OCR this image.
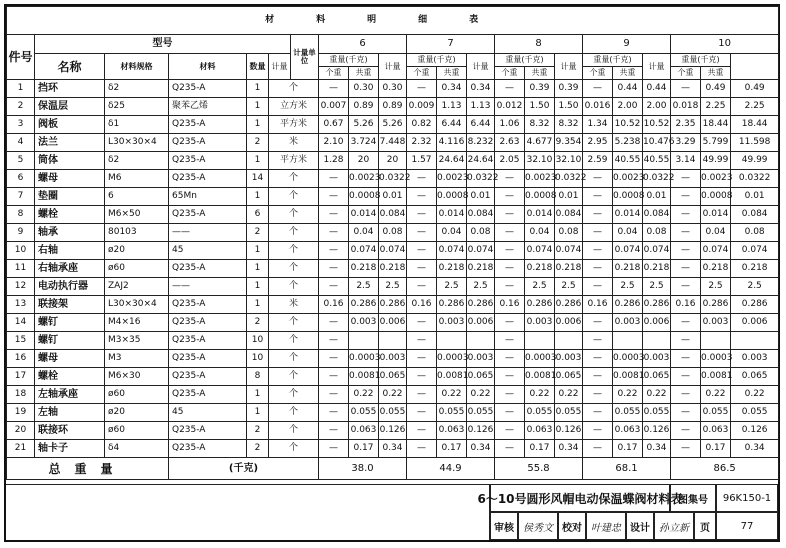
材料明细表																						
件号	型号					计量单位	6			7			8			9			10	
	名称	材料规格	材料	数量	计量		重量(千克)		计量	重量(千克)		计量	重量(千克)		计量	重量(千克)		计量	重量(千克)			
							个重	共重		个重	共重		个重	共重		个重	共重		个重	共重		
1	挡环	δ2	Q235-A	1	个		—	0.30	0.30	—	0.34	0.34	—	0.39	0.39	—	0.44	0.44	—	0.49	0.49	
2	保温层	δ25	聚苯乙烯	1	立方米		0.007	0.89	0.89	0.009	1.13	1.13	0.012	1.50	1.50	0.016	2.00	2.00	0.018	2.25	2.25	
3	阀板	δ1	Q235-A	1	平方米		0.67	5.26	5.26	0.82	6.44	6.44	1.06	8.32	8.32	1.34	10.52	10.52	2.35	18.44	18.44	
4	法兰	L30×30×4	Q235-A	2	米		2.10	3.724	7.448	2.32	4.116	8.232	2.63	4.677	9.354	2.95	5.238	10.476	3.29	5.799	11.598	
5	筒体	δ2	Q235-A	1	平方米		1.28	20	20	1.57	24.64	24.64	2.05	32.10	32.10	2.59	40.55	40.55	3.14	49.99	49.99	
6	螺母	M6	Q235-A	14	个		—	0.0023	0.0322	—	0.0023	0.0322	—	0.0023	0.0322	—	0.0023	0.0322	—	0.0023	0.0322	
7	垫圈	6	65Mn	1	个		—	0.0008	0.01	—	0.0008	0.01	—	0.0008	0.01	—	0.0008	0.01	—	0.0008	0.01	
8	螺栓	M6×50	Q235-A	6	个		—	0.014	0.084	—	0.014	0.084	—	0.014	0.084	—	0.014	0.084	—	0.014	0.084	
9	轴承	80103	——	2	个		—	0.04	0.08	—	0.04	0.08	—	0.04	0.08	—	0.04	0.08	—	0.04	0.08	
10	右轴	ø20	45	1	个		—	0.074	0.074	—	0.074	0.074	—	0.074	0.074	—	0.074	0.074	—	0.074	0.074	
11	右轴承座	ø60	Q235-A	1	个		—	0.218	0.218	—	0.218	0.218	—	0.218	0.218	—	0.218	0.218	—	0.218	0.218	
12	电动执行器	ZAJ2	——	1	个		—	2.5	2.5	—	2.5	2.5	—	2.5	2.5	—	2.5	2.5	—	2.5	2.5	
13	联接架	L30×30×4	Q235-A	1	米		0.16	0.286	0.286	0.16	0.286	0.286	0.16	0.286	0.286	0.16	0.286	0.286	0.16	0.286	0.286	
14	螺钉	M4×16	Q235-A	2	个		—	0.003	0.006	—	0.003	0.006	—	0.003	0.006	—	0.003	0.006	—	0.003	0.006	
15	螺钉	M3×35	Q235-A	10	个		—			—			—			—			—			
16	螺母	M3	Q235-A	10	个		—	0.0003	0.003	—	0.0003	0.003	—	0.0003	0.003	—	0.0003	0.003	—	0.0003	0.003	
17	螺栓	M6×30	Q235-A	8	个		—	0.0081	0.065	—	0.0081	0.065	—	0.0081	0.065	—	0.0081	0.065	—	0.0081	0.065	
18	左轴承座	ø60	Q235-A	1	个		—	0.22	0.22	—	0.22	0.22	—	0.22	0.22	—	0.22	0.22	—	0.22	0.22	
19	左轴	ø20	45	1	个		—	0.055	0.055	—	0.055	0.055	—	0.055	0.055	—	0.055	0.055	—	0.055	0.055	
20	联接环	ø60	Q235-A	2	个		—	0.063	0.126	—	0.063	0.126	—	0.063	0.126	—	0.063	0.126	—	0.063	0.126	
21	轴卡子	δ4	Q235-A	2	个		—	0.17	0.34	—	0.17	0.34	—	0.17	0.34	—	0.17	0.34	—	0.17	0.34	
总重量			(千克)				38.0			44.9			55.8			68.1			86.5			
6～10号圆形风帽电动保温蝶阀材料表
图集号	96K150-1
审核 侯秀文 校对 叶建忠 设计 孙立新	页	77
